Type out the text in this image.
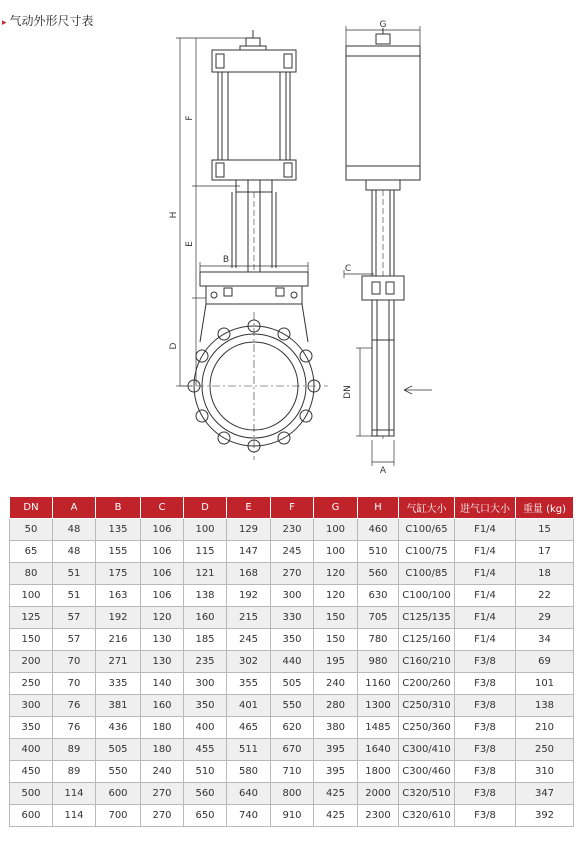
▸ 气动外形尺寸表
F
H
E
D
B
G
C
DN
A
DN	A	B	C	D	E	F	G	H	气缸大小	进气口大小	重量 (kg)
50	48	135	106	100	129	230	100	460	C100/65	F1/4	15
65	48	155	106	115	147	245	100	510	C100/75	F1/4	17
80	51	175	106	121	168	270	120	560	C100/85	F1/4	18
100	51	163	106	138	192	300	120	630	C100/100	F1/4	22
125	57	192	120	160	215	330	150	705	C125/135	F1/4	29
150	57	216	130	185	245	350	150	780	C125/160	F1/4	34
200	70	271	130	235	302	440	195	980	C160/210	F3/8	69
250	70	335	140	300	355	505	240	1160	C200/260	F3/8	101
300	76	381	160	350	401	550	280	1300	C250/310	F3/8	138
350	76	436	180	400	465	620	380	1485	C250/360	F3/8	210
400	89	505	180	455	511	670	395	1640	C300/410	F3/8	250
450	89	550	240	510	580	710	395	1800	C300/460	F3/8	310
500	114	600	270	560	640	800	425	2000	C320/510	F3/8	347
600	114	700	270	650	740	910	425	2300	C320/610	F3/8	392
